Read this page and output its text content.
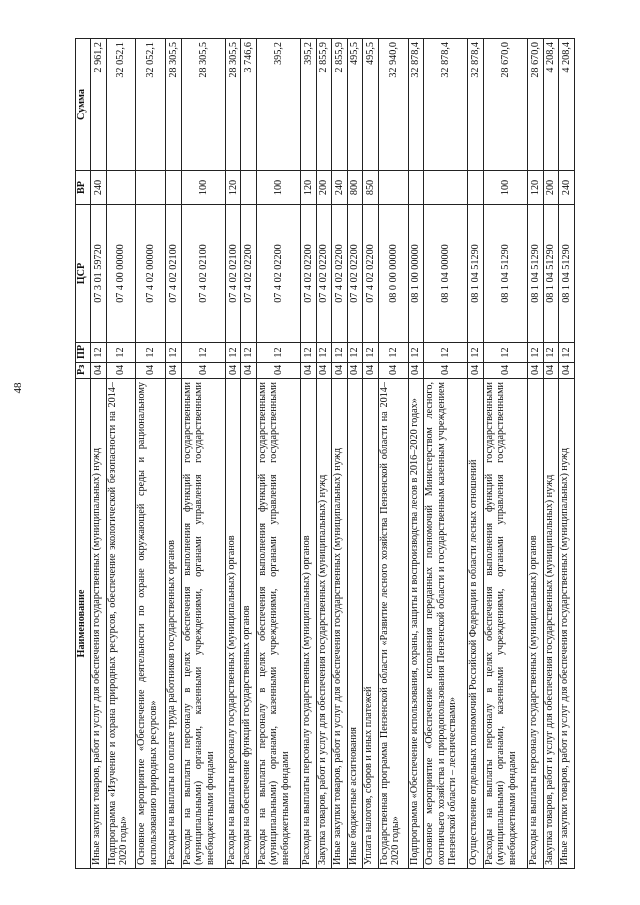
48
Наименование	Рз	ПР	ЦСР	ВР	Сумма
Иные закупки товаров, работ и услуг для обеспечения государственных (муниципальных) нужд	04	12	07 3 01 59720	240	2 961,2
Подпрограмма «Изучение и охрана природных ресурсов, обеспечение экологической безопасности на 2014–2020 годы»	04	12	07 4 00 00000		32 052,1
Основное мероприятие «Обеспечение деятельности по охране окружающей среды и рациональному использованию природных ресурсов»	04	12	07 4 02 00000		32 052,1
Расходы на выплаты по оплате труда работников государственных органов	04	12	07 4 02 02100		28 305,5
Расходы на выплаты персоналу в целях обеспечения выполнения функций государственными (муниципальными) органами, казенными учреждениями, органами управления государственными внебюджетными фондами	04	12	07 4 02 02100	100	28 305,5
Расходы на выплаты персоналу государственных (муниципальных) органов	04	12	07 4 02 02100	120	28 305,5
Расходы на обеспечение функций государственных органов	04	12	07 4 02 02200		3 746,6
Расходы на выплаты персоналу в целях обеспечения выполнения функций государственными (муниципальными) органами, казенными учреждениями, органами управления государственными внебюджетными фондами	04	12	07 4 02 02200	100	395,2
Расходы на выплаты персоналу государственных (муниципальных) органов	04	12	07 4 02 02200	120	395,2
Закупка товаров, работ и услуг для обеспечения государственных (муниципальных) нужд	04	12	07 4 02 02200	200	2 855,9
Иные закупки товаров, работ и услуг для обеспечения государственных (муниципальных) нужд	04	12	07 4 02 02200	240	2 855,9
Иные бюджетные ассигнования	04	12	07 4 02 02200	800	495,5
Уплата налогов, сборов и иных платежей	04	12	07 4 02 02200	850	495,5
Государственная программа Пензенской области «Развитие лесного хозяйства Пензенской области на 2014–2020 годы»	04	12	08 0 00 00000		32 940,0
Подпрограмма «Обеспечение использования, охраны, защиты и воспроизводства лесов в 2016–2020 годах»	04	12	08 1 00 00000		32 878,4
Основное мероприятие «Обеспечение исполнения переданных полномочий Министерством лесного, охотничьего хозяйства и природопользования Пензенской области и государственным казенным учреждением Пензенской области – лесничествами»	04	12	08 1 04 00000		32 878,4
Осуществление отдельных полномочий Российской Федерации в области лесных отношений	04	12	08 1 04 51290		32 878,4
Расходы на выплаты персоналу в целях обеспечения выполнения функций государственными (муниципальными) органами, казенными учреждениями, органами управления государственными внебюджетными фондами	04	12	08 1 04 51290	100	28 670,0
Расходы на выплаты персоналу государственных (муниципальных) органов	04	12	08 1 04 51290	120	28 670,0
Закупка товаров, работ и услуг для обеспечения государственных (муниципальных) нужд	04	12	08 1 04 51290	200	4 208,4
Иные закупки товаров, работ и услуг для обеспечения государственных (муниципальных) нужд	04	12	08 1 04 51290	240	4 208,4
